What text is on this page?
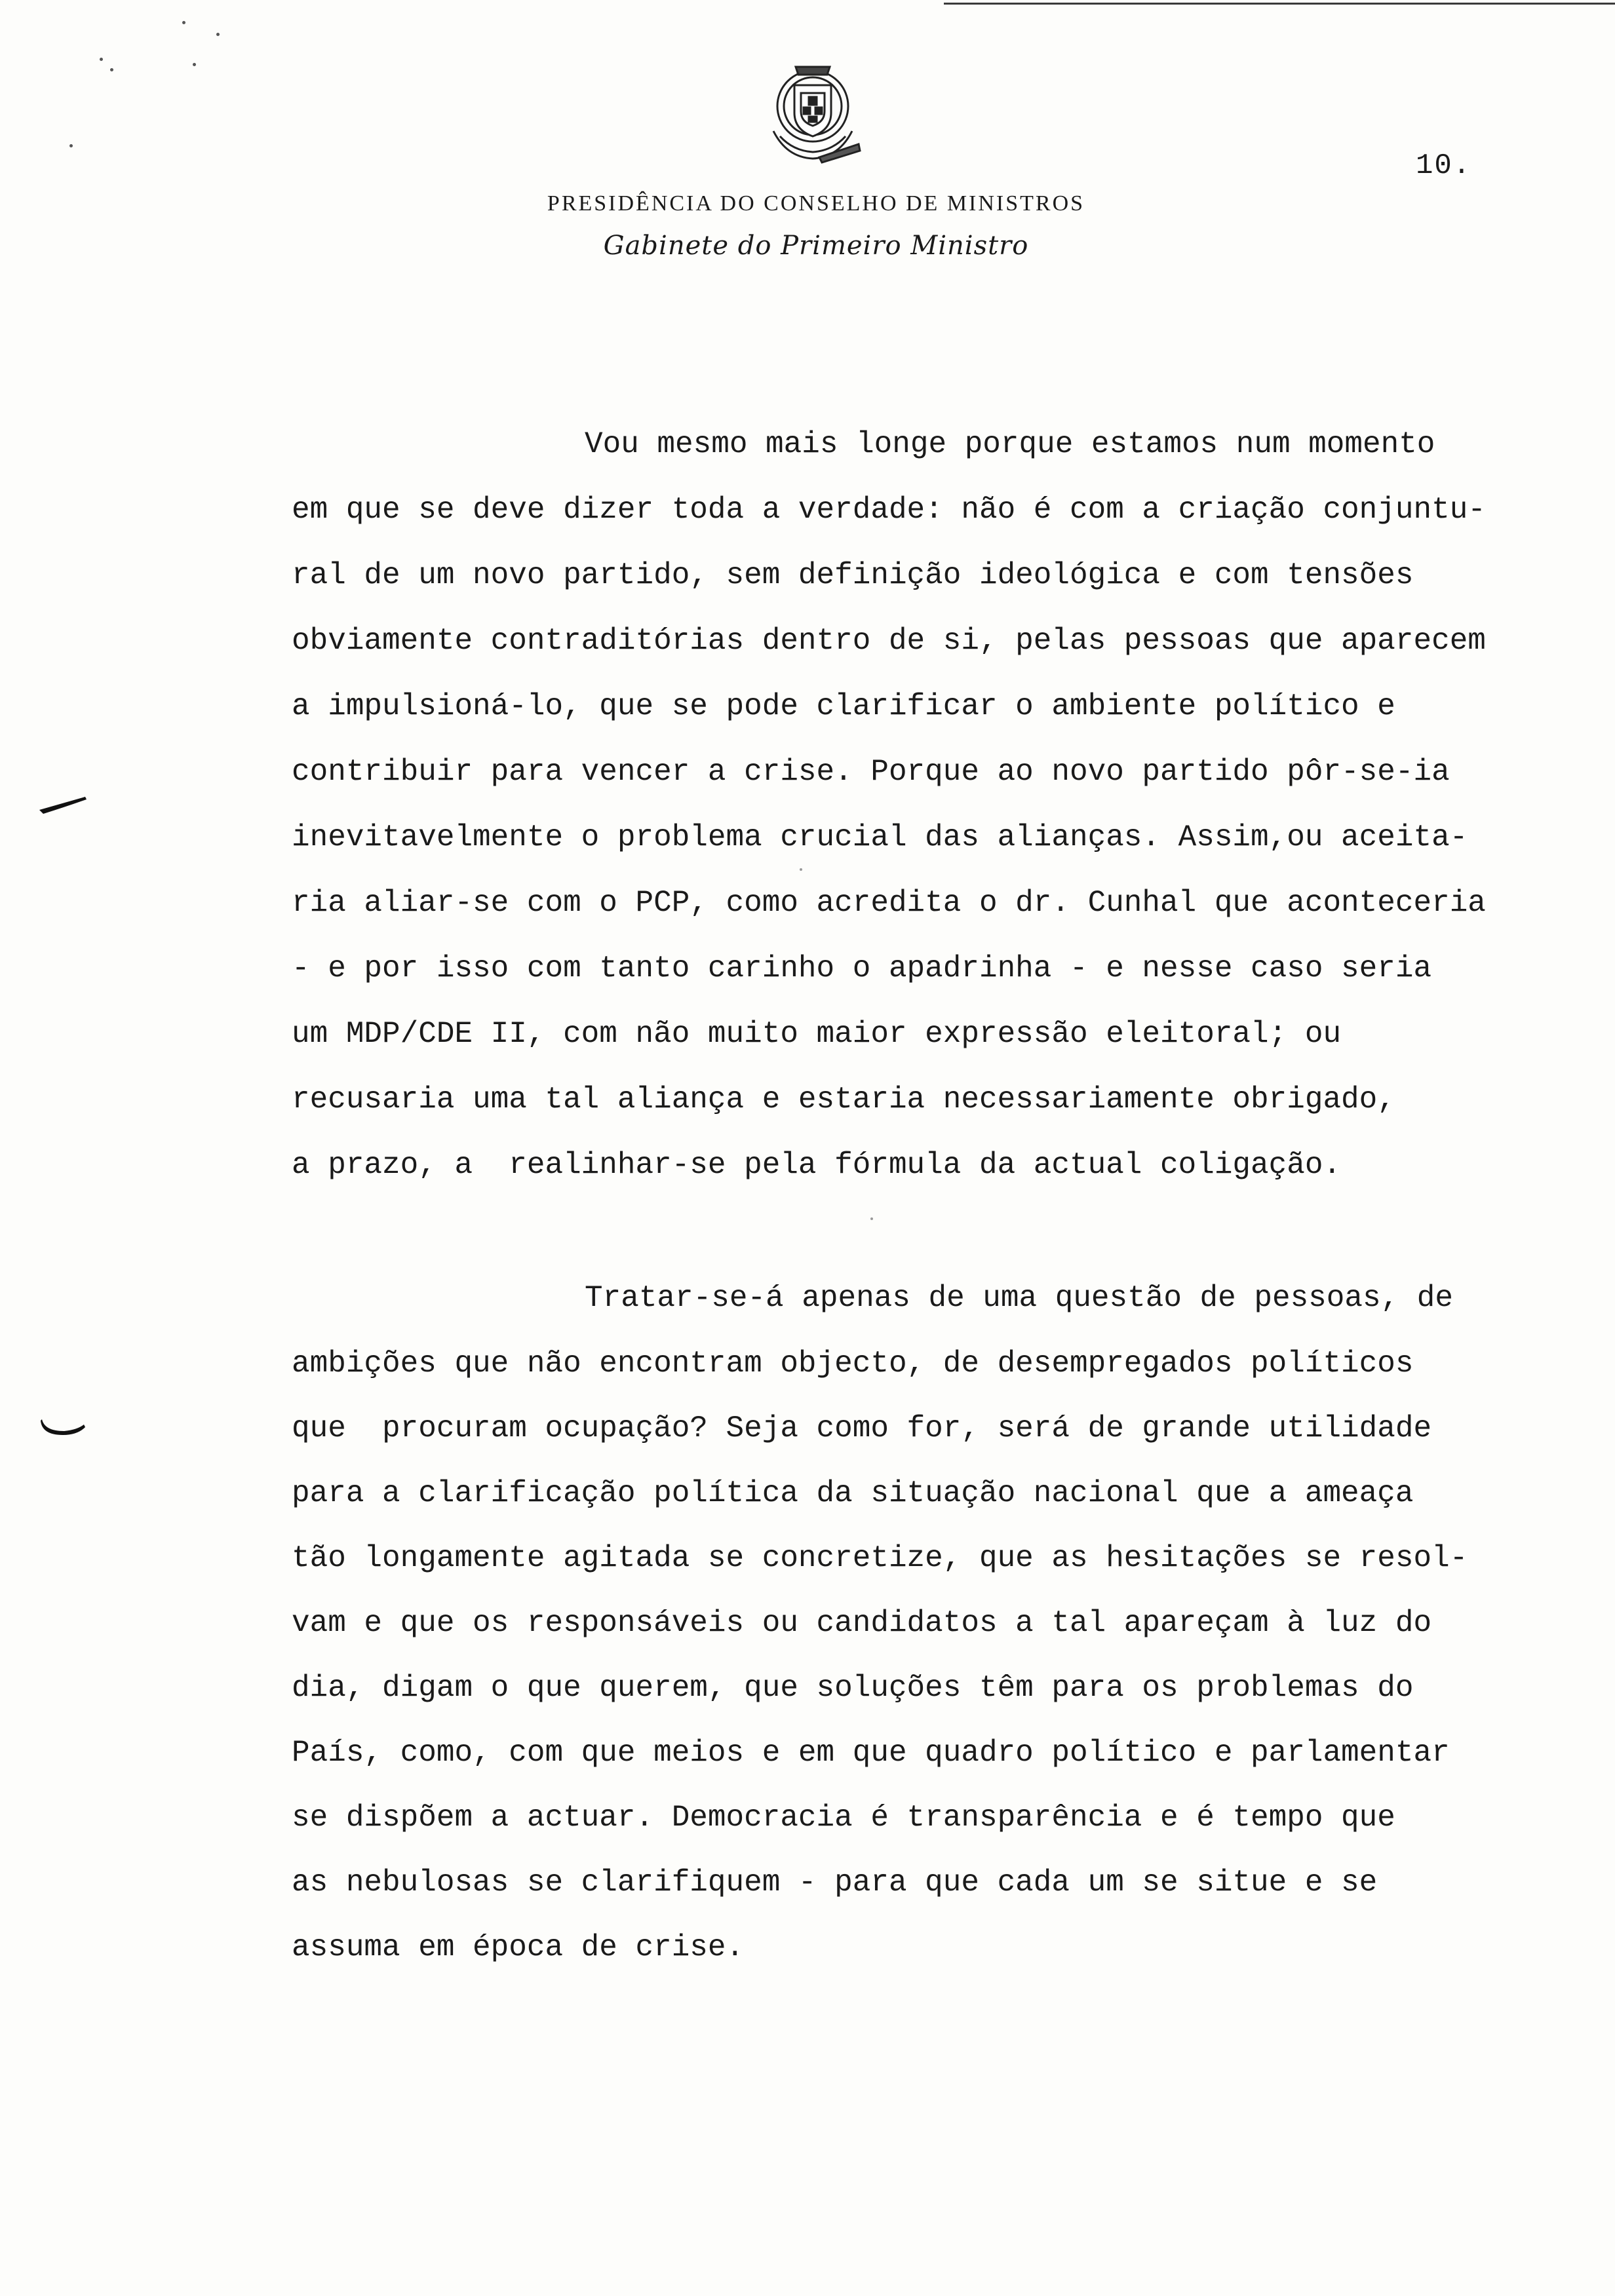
10.
PRESIDÊNCIA DO CONSELHO DE MINISTROS
Gabinete do Primeiro Ministro
Vou mesmo mais longe porque estamos num momento
em que se deve dizer toda a verdade: não é com a criação conjuntu-
ral de um novo partido, sem definição ideológica e com tensões
obviamente contraditórias dentro de si, pelas pessoas que aparecem
a impulsioná-lo, que se pode clarificar o ambiente político e
contribuir para vencer a crise. Porque ao novo partido pôr-se-ia
inevitavelmente o problema crucial das alianças. Assim,ou aceita-
ria aliar-se com o PCP, como acredita o dr. Cunhal que aconteceria
- e por isso com tanto carinho o apadrinha - e nesse caso seria
um MDP/CDE II, com não muito maior expressão eleitoral; ou
recusaria uma tal aliança e estaria necessariamente obrigado,
a prazo, a  realinhar-se pela fórmula da actual coligação.
Tratar-se-á apenas de uma questão de pessoas, de
ambições que não encontram objecto, de desempregados políticos
que  procuram ocupação? Seja como for, será de grande utilidade
para a clarificação política da situação nacional que a ameaça
tão longamente agitada se concretize, que as hesitações se resol-
vam e que os responsáveis ou candidatos a tal apareçam à luz do
dia, digam o que querem, que soluções têm para os problemas do
País, como, com que meios e em que quadro político e parlamentar
se dispõem a actuar. Democracia é transparência e é tempo que
as nebulosas se clarifiquem - para que cada um se situe e se
assuma em época de crise.
